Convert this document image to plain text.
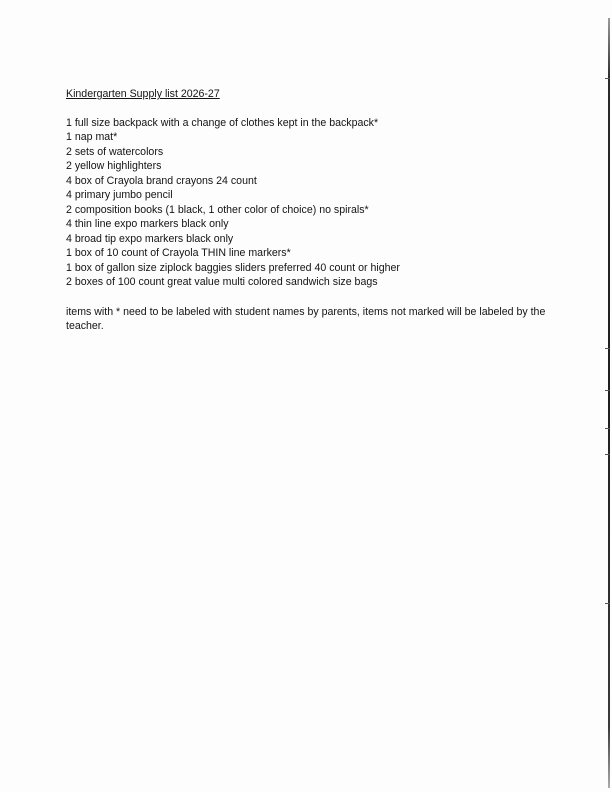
Kindergarten Supply list 2026-27
1 full size backpack with a change of clothes kept in the backpack*
1 nap mat*
2 sets of watercolors
2 yellow highlighters
4 box of Crayola brand crayons 24 count
4 primary jumbo pencil
2 composition books (1 black, 1 other color of choice) no spirals*
4 thin line expo markers black only
4 broad tip expo markers black only
1 box of 10 count of Crayola THIN line markers*
1 box of gallon size ziplock baggies sliders preferred 40 count or higher
2 boxes of 100 count great value multi colored sandwich size bags

items with * need to be labeled with student names by parents, items not marked will be labeled by the teacher.
